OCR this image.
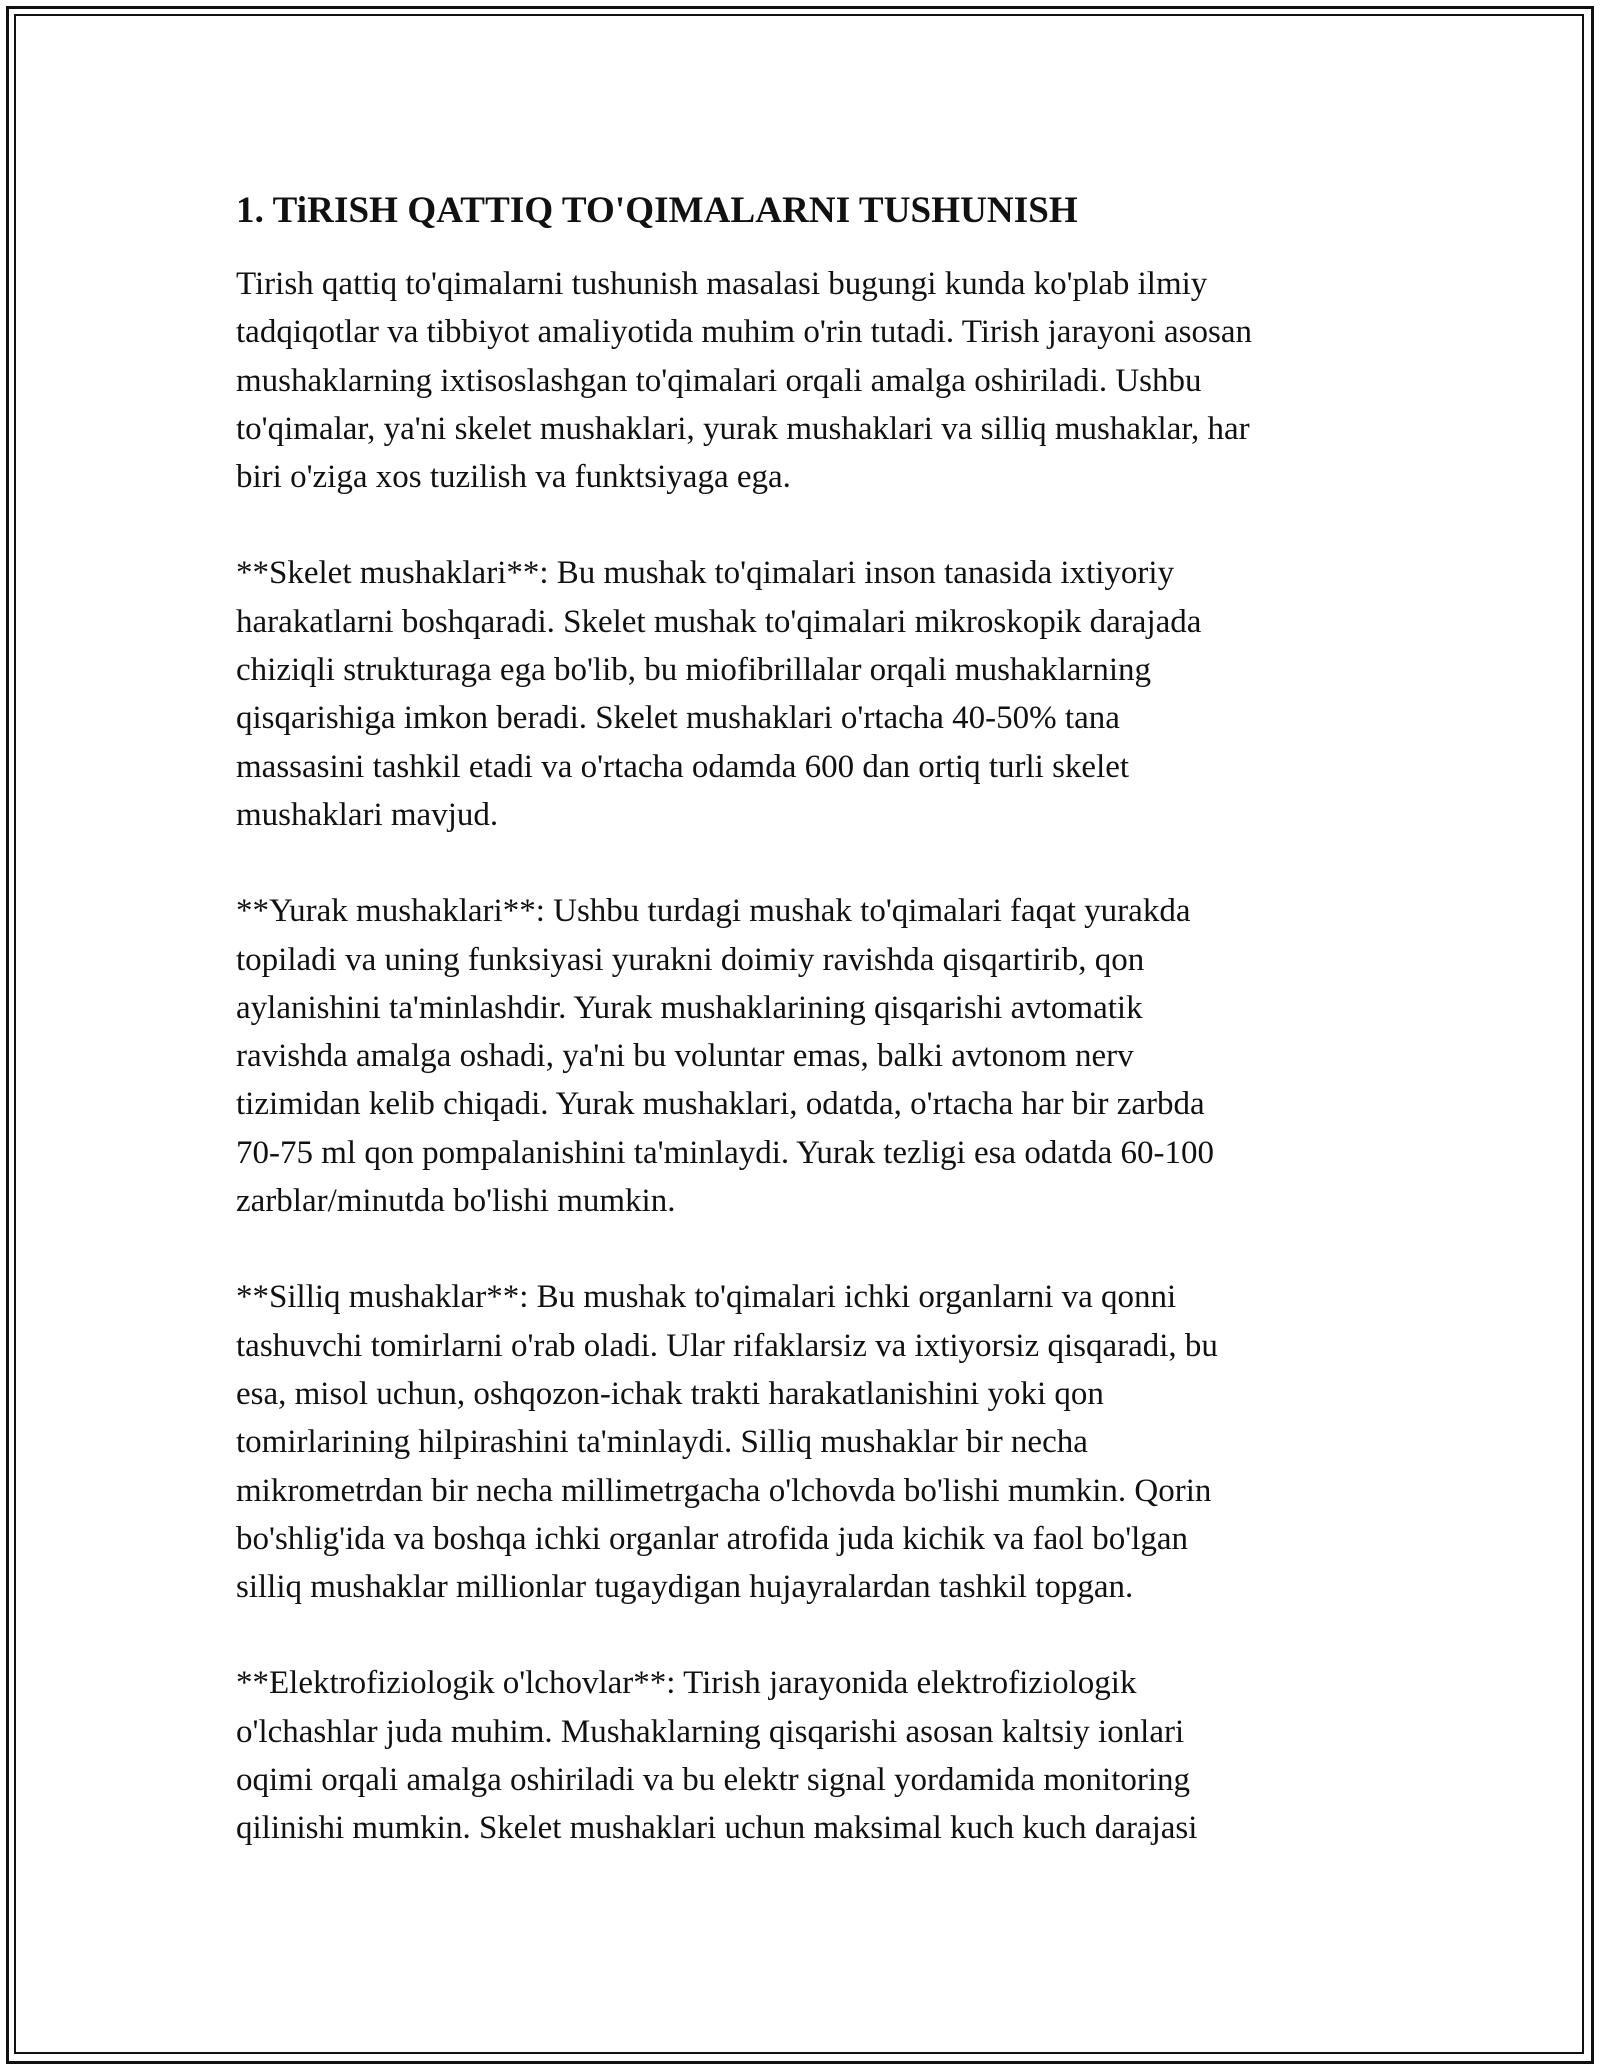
1. TiRISH QATTIQ TO'QIMALARNI TUSHUNISH
Tirish qattiq to'qimalarni tushunish masalasi bugungi kunda ko'plab ilmiy
tadqiqotlar va tibbiyot amaliyotida muhim o'rin tutadi. Tirish jarayoni asosan
mushaklarning ixtisoslashgan to'qimalari orqali amalga oshiriladi. Ushbu
to'qimalar, ya'ni skelet mushaklari, yurak mushaklari va silliq mushaklar, har
biri o'ziga xos tuzilish va funktsiyaga ega.
**Skelet mushaklari**: Bu mushak to'qimalari inson tanasida ixtiyoriy
harakatlarni boshqaradi. Skelet mushak to'qimalari mikroskopik darajada
chiziqli strukturaga ega bo'lib, bu miofibrillalar orqali mushaklarning
qisqarishiga imkon beradi. Skelet mushaklari o'rtacha 40-50% tana
massasini tashkil etadi va o'rtacha odamda 600 dan ortiq turli skelet
mushaklari mavjud.
**Yurak mushaklari**: Ushbu turdagi mushak to'qimalari faqat yurakda
topiladi va uning funksiyasi yurakni doimiy ravishda qisqartirib, qon
aylanishini ta'minlashdir. Yurak mushaklarining qisqarishi avtomatik
ravishda amalga oshadi, ya'ni bu voluntar emas, balki avtonom nerv
tizimidan kelib chiqadi. Yurak mushaklari, odatda, o'rtacha har bir zarbda
70-75 ml qon pompalanishini ta'minlaydi. Yurak tezligi esa odatda 60-100
zarblar/minutda bo'lishi mumkin.
**Silliq mushaklar**: Bu mushak to'qimalari ichki organlarni va qonni
tashuvchi tomirlarni o'rab oladi. Ular rifaklarsiz va ixtiyorsiz qisqaradi, bu
esa, misol uchun, oshqozon-ichak trakti harakatlanishini yoki qon
tomirlarining hilpirashini ta'minlaydi. Silliq mushaklar bir necha
mikrometrdan bir necha millimetrgacha o'lchovda bo'lishi mumkin. Qorin
bo'shlig'ida va boshqa ichki organlar atrofida juda kichik va faol bo'lgan
silliq mushaklar millionlar tugaydigan hujayralardan tashkil topgan.
**Elektrofiziologik o'lchovlar**: Tirish jarayonida elektrofiziologik
o'lchashlar juda muhim. Mushaklarning qisqarishi asosan kaltsiy ionlari
oqimi orqali amalga oshiriladi va bu elektr signal yordamida monitoring
qilinishi mumkin. Skelet mushaklari uchun maksimal kuch kuch darajasi
